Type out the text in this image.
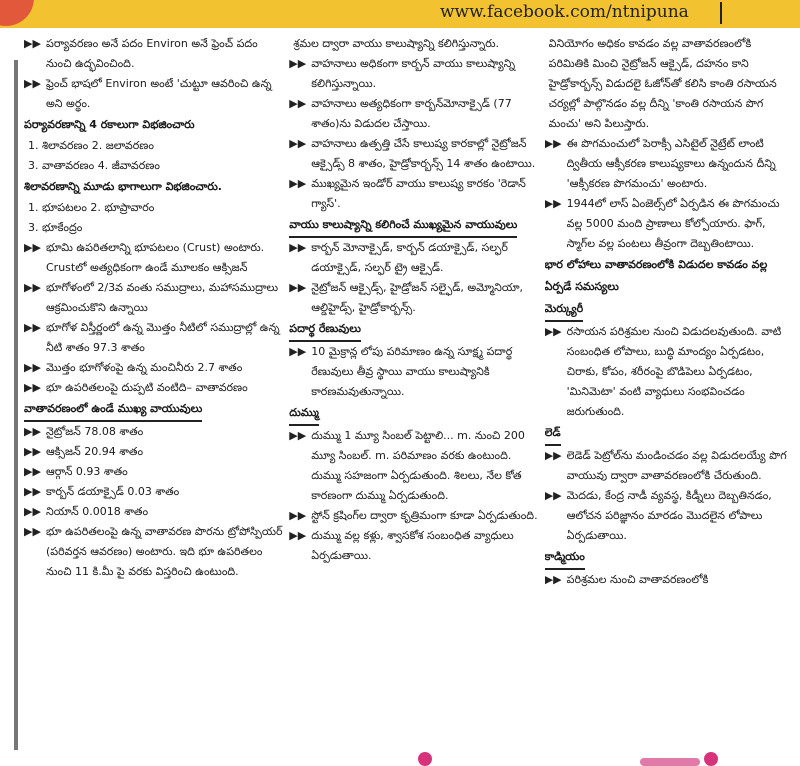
www.facebook.com/ntnipuna
▶▶ పర్యావరణం అనే పదం Environ అనే ఫ్రెంచ్ పదం నుంచి ఉద్భవించింది.
▶▶ ఫ్రెంచ్ భాషలో Environ అంటే 'చుట్టూ ఆవరించి ఉన్న అని అర్థం.
పర్యావరణాన్ని 4 రకాలుగా విభజించారు
1. శిలావరణం 2. జలావరణం
3. వాతావరణం 4. జీవావరణం
శిలావరణాన్ని మూడు భాగాలుగా విభజించారు.
1. భూపటలం 2. భూప్రావారం
3. భూకేంద్రం
▶▶ భూమి ఉపరితలాన్ని భూపటలం (Crust) అంటారు. Crustలో అత్యధికంగా ఉండే మూలకం ఆక్సిజన్
▶▶ భూగోళంలో 2/3వ వంతు సముద్రాలు, మహాసముద్రాలు ఆక్రమించుకొని ఉన్నాయి
▶▶ భూగోళ విస్తీర్ణంలో ఉన్న మొత్తం నీటిలో సముద్రాల్లో ఉన్న నీటి శాతం 97.3 శాతం
▶▶ మొత్తం భూగోళంపై ఉన్న మంచినీరు 2.7 శాతం
▶▶ భూ ఉపరితలంపై దుప్పటి వంటిది– వాతావరణం
వాతావరణంలో ఉండే ముఖ్య వాయువులు
▶▶ నైట్రోజన్ 78.08 శాతం
▶▶ ఆక్సిజన్ 20.94 శాతం
▶▶ ఆర్గాన్ 0.93 శాతం
▶▶ కార్బన్ డయాక్సైడ్ 0.03 శాతం
▶▶ నియాన్ 0.0018 శాతం
▶▶ భూ ఉపరితలంపై ఉన్న వాతావరణ పొరను ట్రోపోస్పియర్ (పరివర్తన ఆవరణం) అంటారు. ఇది భూ ఉపరితలం నుంచి 11 కి.మీ పై వరకు విస్తరించి ఉంటుంది.
శ్రమల ద్వారా వాయు కాలుష్యాన్ని కలిగిస్తున్నారు.
▶▶ వాహనాలు అధికంగా కార్బన్ వాయు కాలుష్యాన్ని కలిగిస్తున్నాయి.
▶▶ వాహనాలు అత్యధికంగా కార్బన్‌మోనాక్సైడ్ (77 శాతం)ను విడుదల చేస్తాయి.
▶▶ వాహనాలు ఉత్పత్తి చేసే కాలుష్య కారకాల్లో నైట్రోజన్ ఆక్సైడ్స్ 8 శాతం, హైడ్రోకార్బన్స్ 14 శాతం ఉంటాయి.
▶▶ ముఖ్యమైన ఇండోర్ వాయు కాలుష్య కారకం 'రెడాన్ గ్యాస్'.
వాయు కాలుష్యాన్ని కలిగించే ముఖ్యమైన వాయువులు
▶▶ కార్బన్ మోనాక్సైడ్, కార్బన్ డయాక్సైడ్, సల్ఫర్ డయాక్సైడ్, సల్ఫర్ ట్రై ఆక్సైడ్.
▶▶ నైట్రోజన్ ఆక్సైడ్స్, హైడ్రోజన్ సల్ఫైడ్, అమ్మోనియా, ఆల్డిహైడ్స్, హైడ్రోకార్బన్స్.
పదార్థ రేణువులు
▶▶ 10 మైక్రాన్ల లోపు పరిమాణం ఉన్న సూక్ష్మ పదార్థ రేణువులు తీవ్ర స్థాయి వాయు కాలుష్యానికి కారణమవుతున్నాయి.
దుమ్ము
▶▶ దుమ్ము 1 మ్యూ సింబల్ పెట్టాలి... m. నుంచి 200 మ్యూ సింబల్. m. పరిమాణం వరకు ఉంటుంది. దుమ్ము సహజంగా ఏర్పడుతుంది. శిలలు, నేల కోత కారణంగా దుమ్ము ఏర్పడుతుంది.
▶▶ స్టోన్ క్రషింగ్‌ల ద్వారా కృత్రిమంగా కూడా ఏర్పడుతుంది.
▶▶ దుమ్ము వల్ల కళ్లు, శ్వాసకోశ సంబంధిత వ్యాధులు ఏర్పడుతాయి.
వినియోగం అధికం కావడం వల్ల వాతావరణంలోకి పరిమితికి మించి నైట్రోజన్ ఆక్సైడ్, దహనం కాని హైడ్రోకార్బన్స్ విడుదలై ఓజోన్‌తో కలిసి కాంతి రసాయన చర్యల్లో పాల్గొనడం వల్ల దీన్ని 'కాంతి రసాయన పొగ మంచు' అని పిలుస్తారు.
▶▶ ఈ పొగమంచులో పెరాక్సీ ఎసిటైల్ నైట్రేట్ లాంటి ద్వితీయ ఆక్సీకరణ కాలుష్యకాలు ఉన్నందున దీన్ని 'ఆక్సీకరణ పొగమంచు' అంటారు.
▶▶ 1944లో లాస్ ఏంజెల్స్‌లో ఏర్పడిన ఈ పొగమంచు వల్ల 5000 మంది ప్రాణాలు కోల్పోయారు. ఫాగ్, స్మాగ్‌ల వల్ల పంటలు తీవ్రంగా దెబ్బతింటాయి.
భార లోహాలు వాతావరణంలోకి విడుదల కావడం వల్ల ఏర్పడే సమస్యలు
మెర్క్యురీ
▶▶ రసాయన పరిశ్రమల నుంచి విడుదలవుతుంది. వాటి సంబంధిత లోపాలు, బుద్ధి మాంద్యం ఏర్పడటం, చిరాకు, కోపం, శరీరంపై బొడిపెలు ఏర్పడటం, 'మినిమెటా' వంటి వ్యాధులు సంభవించడం జరుగుతుంది.
లెడ్
▶▶ లెడెడ్ పెట్రోల్‌ను మండించడం వల్ల విడుదలయ్యే పొగ వాయువు ద్వారా వాతావరణంలోకి చేరుతుంది.
▶▶ మెదడు, కేంద్ర నాడీ వ్యవస్థ, కిడ్నీలు దెబ్బతినడం, ఆలోచన పరిజ్ఞానం మారడం మొదలైన లోపాలు ఏర్పడుతాయి.
కాడ్మియం
▶▶ పరిశ్రమల నుంచి వాతావరణంలోకి
